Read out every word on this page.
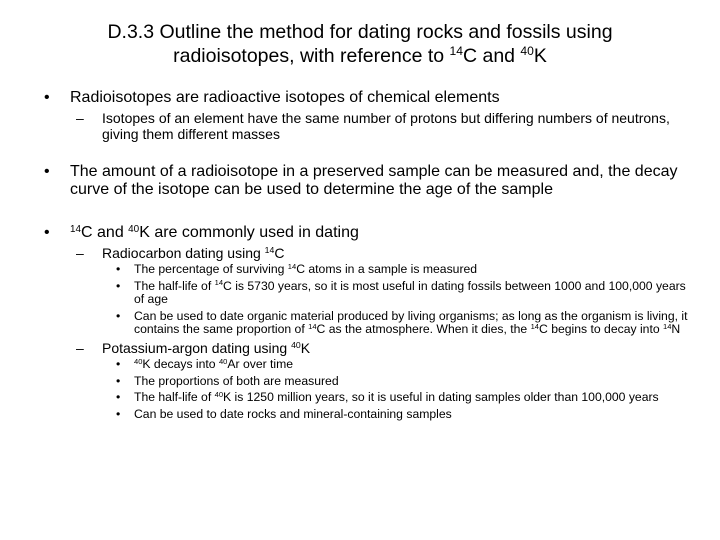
D.3.3 Outline the method for dating rocks and fossils using
radioisotopes, with reference to $^{14}$C and $^{40}$K
• Radioisotopes are radioactive isotopes of chemical elements
– Isotopes of an element have the same number of protons but differing numbers of neutrons, giving them different masses
• The amount of a radioisotope in a preserved sample can be measured and, the decay curve of the isotope can be used to determine the age of the sample
• $^{14}$C and $^{40}$K are commonly used in dating
– Radiocarbon dating using $^{14}$C
• The percentage of surviving $^{14}$C atoms in a sample is measured
• The half-life of $^{14}$C is 5730 years, so it is most useful in dating fossils between 1000 and 100,000 years of age
• Can be used to date organic material produced by living organisms; as long as the organism is living, it contains the same proportion of $^{14}$C as the atmosphere. When it dies, the $^{14}$C begins to decay into $^{14}$N
– Potassium-argon dating using $^{40}$K
• $^{40}$K decays into $^{40}$Ar over time
• The proportions of both are measured
• The half-life of $^{40}$K is 1250 million years, so it is useful in dating samples older than 100,000 years
• Can be used to date rocks and mineral-containing samples
